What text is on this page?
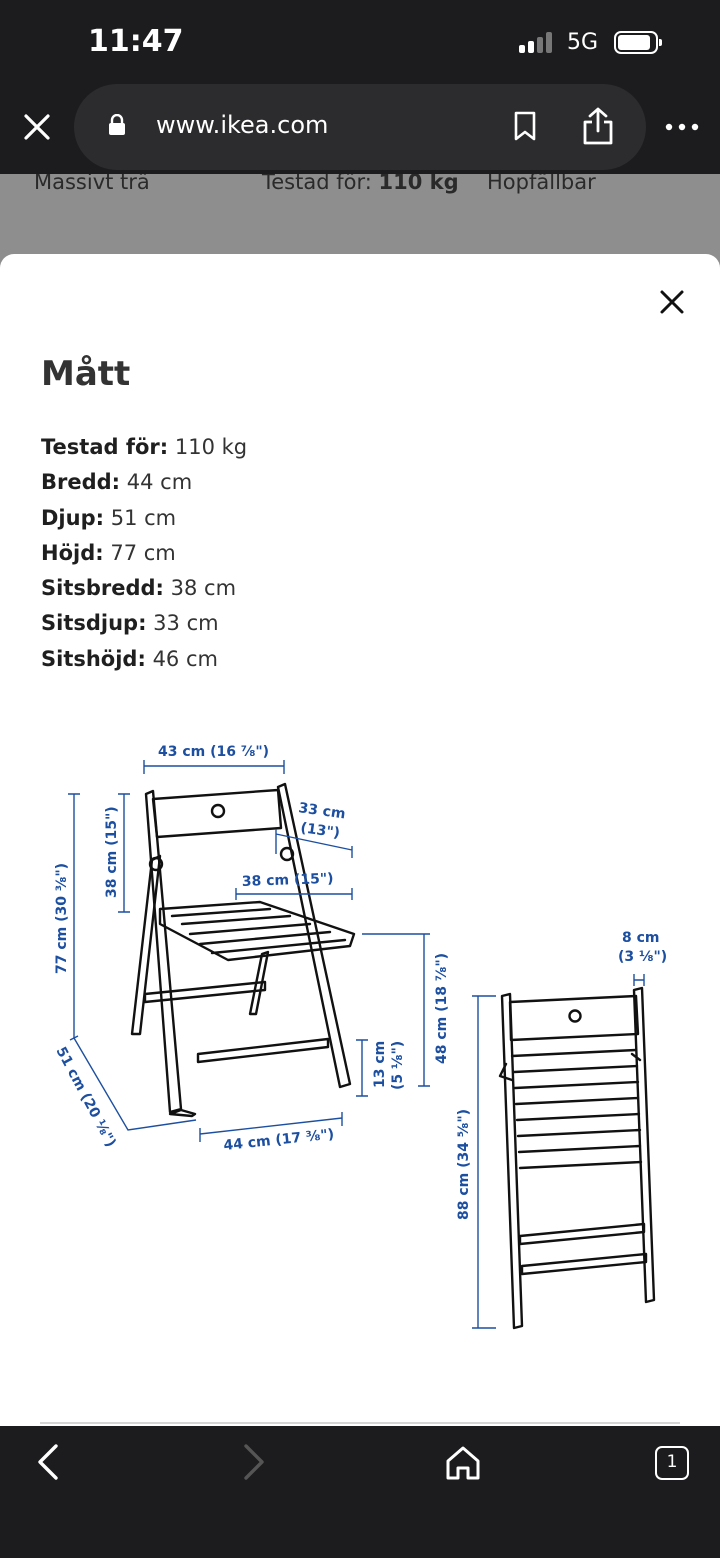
11:47	5G
www.ikea.com
Massivt trä	Testad för: 110 kg Hopfällbar
Mått
Testad för: 110 kg
Bredd: 44 cm
Djup: 51 cm
Höjd: 77 cm
Sitsbredd: 38 cm
Sitsdjup: 33 cm
Sitshöjd: 46 cm
43 cm (16 ⅞")
33 cm
(13")
38 cm (15")
38 cm (15")
77 cm (30 ⅜")
51 cm (20 ⅛")	44 cm (17 ⅜")
13 cm (5 ⅛")
48 cm (18 ⅞")
8 cm
(3 ⅛")
88 cm (34 ⅝")
1
